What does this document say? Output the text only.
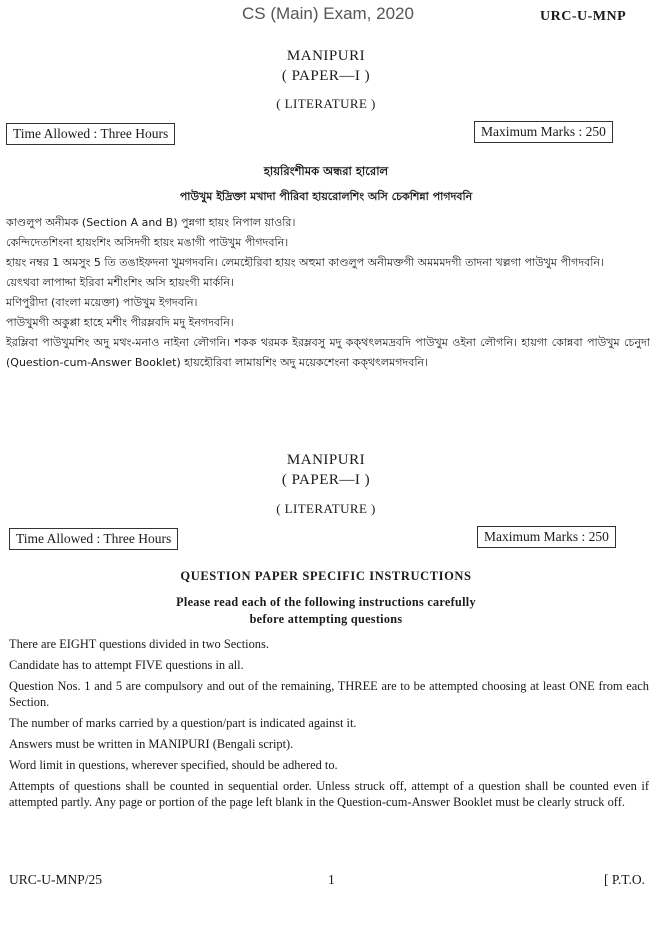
CS (Main) Exam, 2020	URC-U-MNP
MANIPURI
( PAPER—I )
( LITERATURE )
Time Allowed : Three Hours	Maximum Marks : 250
হায়রিংশীমক অন্ধরা হারোল
পাউখুম ইদ্রিক্তা মখাদা পীরিবা হায়রোলশিং অসি চেকশিন্না পাগদবনি
কাণ্ডলুপ অনীমক (Section A and B) পুন্নগা হায়ং নিপাল য়াওরি।
কেন্দিদেতশিংনা হায়ংশিং অসিদগী হায়ং মঙাগী পাউখুম পীগদবনি।
হায়ং নম্বর 1 অমসুং 5 তি তঙাইফদনা খুমগদবনি। লেমহৌরিবা হায়ং অহুমা কাণ্ডলুপ অনীমক্তগী অমমমদগী তাদনা খল্লগা পাউখুম পীগদবনি।
য়েৎথবা লাপাদ্দা ইরিবা মশীংশিং অসি হায়ংগী মার্কনি।
মণিপুরীদা (বাংলা ময়েক্তা) পাউখুম ইগদবনি।
পাউখুমগী অকুপ্পা হাহে মশীং পীরম্লবদি মদু ইনগদবনি।
ইরম্লিবা পাউখুমশিং অদু মথং-মনাও নাইনা লৌগনি। শকক থরমক ইরম্লবসু মদু কক্থৎলমদ্রবদি পাউখুম ওইনা লৌগনি। হায়গা কোন্নবা পাউখুম চেনুদা (Question-cum-Answer Booklet) হায়হৌরিবা লামায়শিং অদু ময়েকশেংনা কক্থৎলমগদবনি।
MANIPURI
( PAPER—I )
( LITERATURE )
Time Allowed : Three Hours	Maximum Marks : 250
QUESTION PAPER SPECIFIC INSTRUCTIONS
Please read each of the following instructions carefully
before attempting questions
There are EIGHT questions divided in two Sections.
Candidate has to attempt FIVE questions in all.
Question Nos. 1 and 5 are compulsory and out of the remaining, THREE are to be attempted choosing at least ONE from each Section.
The number of marks carried by a question/part is indicated against it.
Answers must be written in MANIPURI (Bengali script).
Word limit in questions, wherever specified, should be adhered to.
Attempts of questions shall be counted in sequential order. Unless struck off, attempt of a question shall be counted even if attempted partly. Any page or portion of the page left blank in the Question-cum-Answer Booklet must be clearly struck off.
URC-U-MNP/25	1	[ P.T.O.
